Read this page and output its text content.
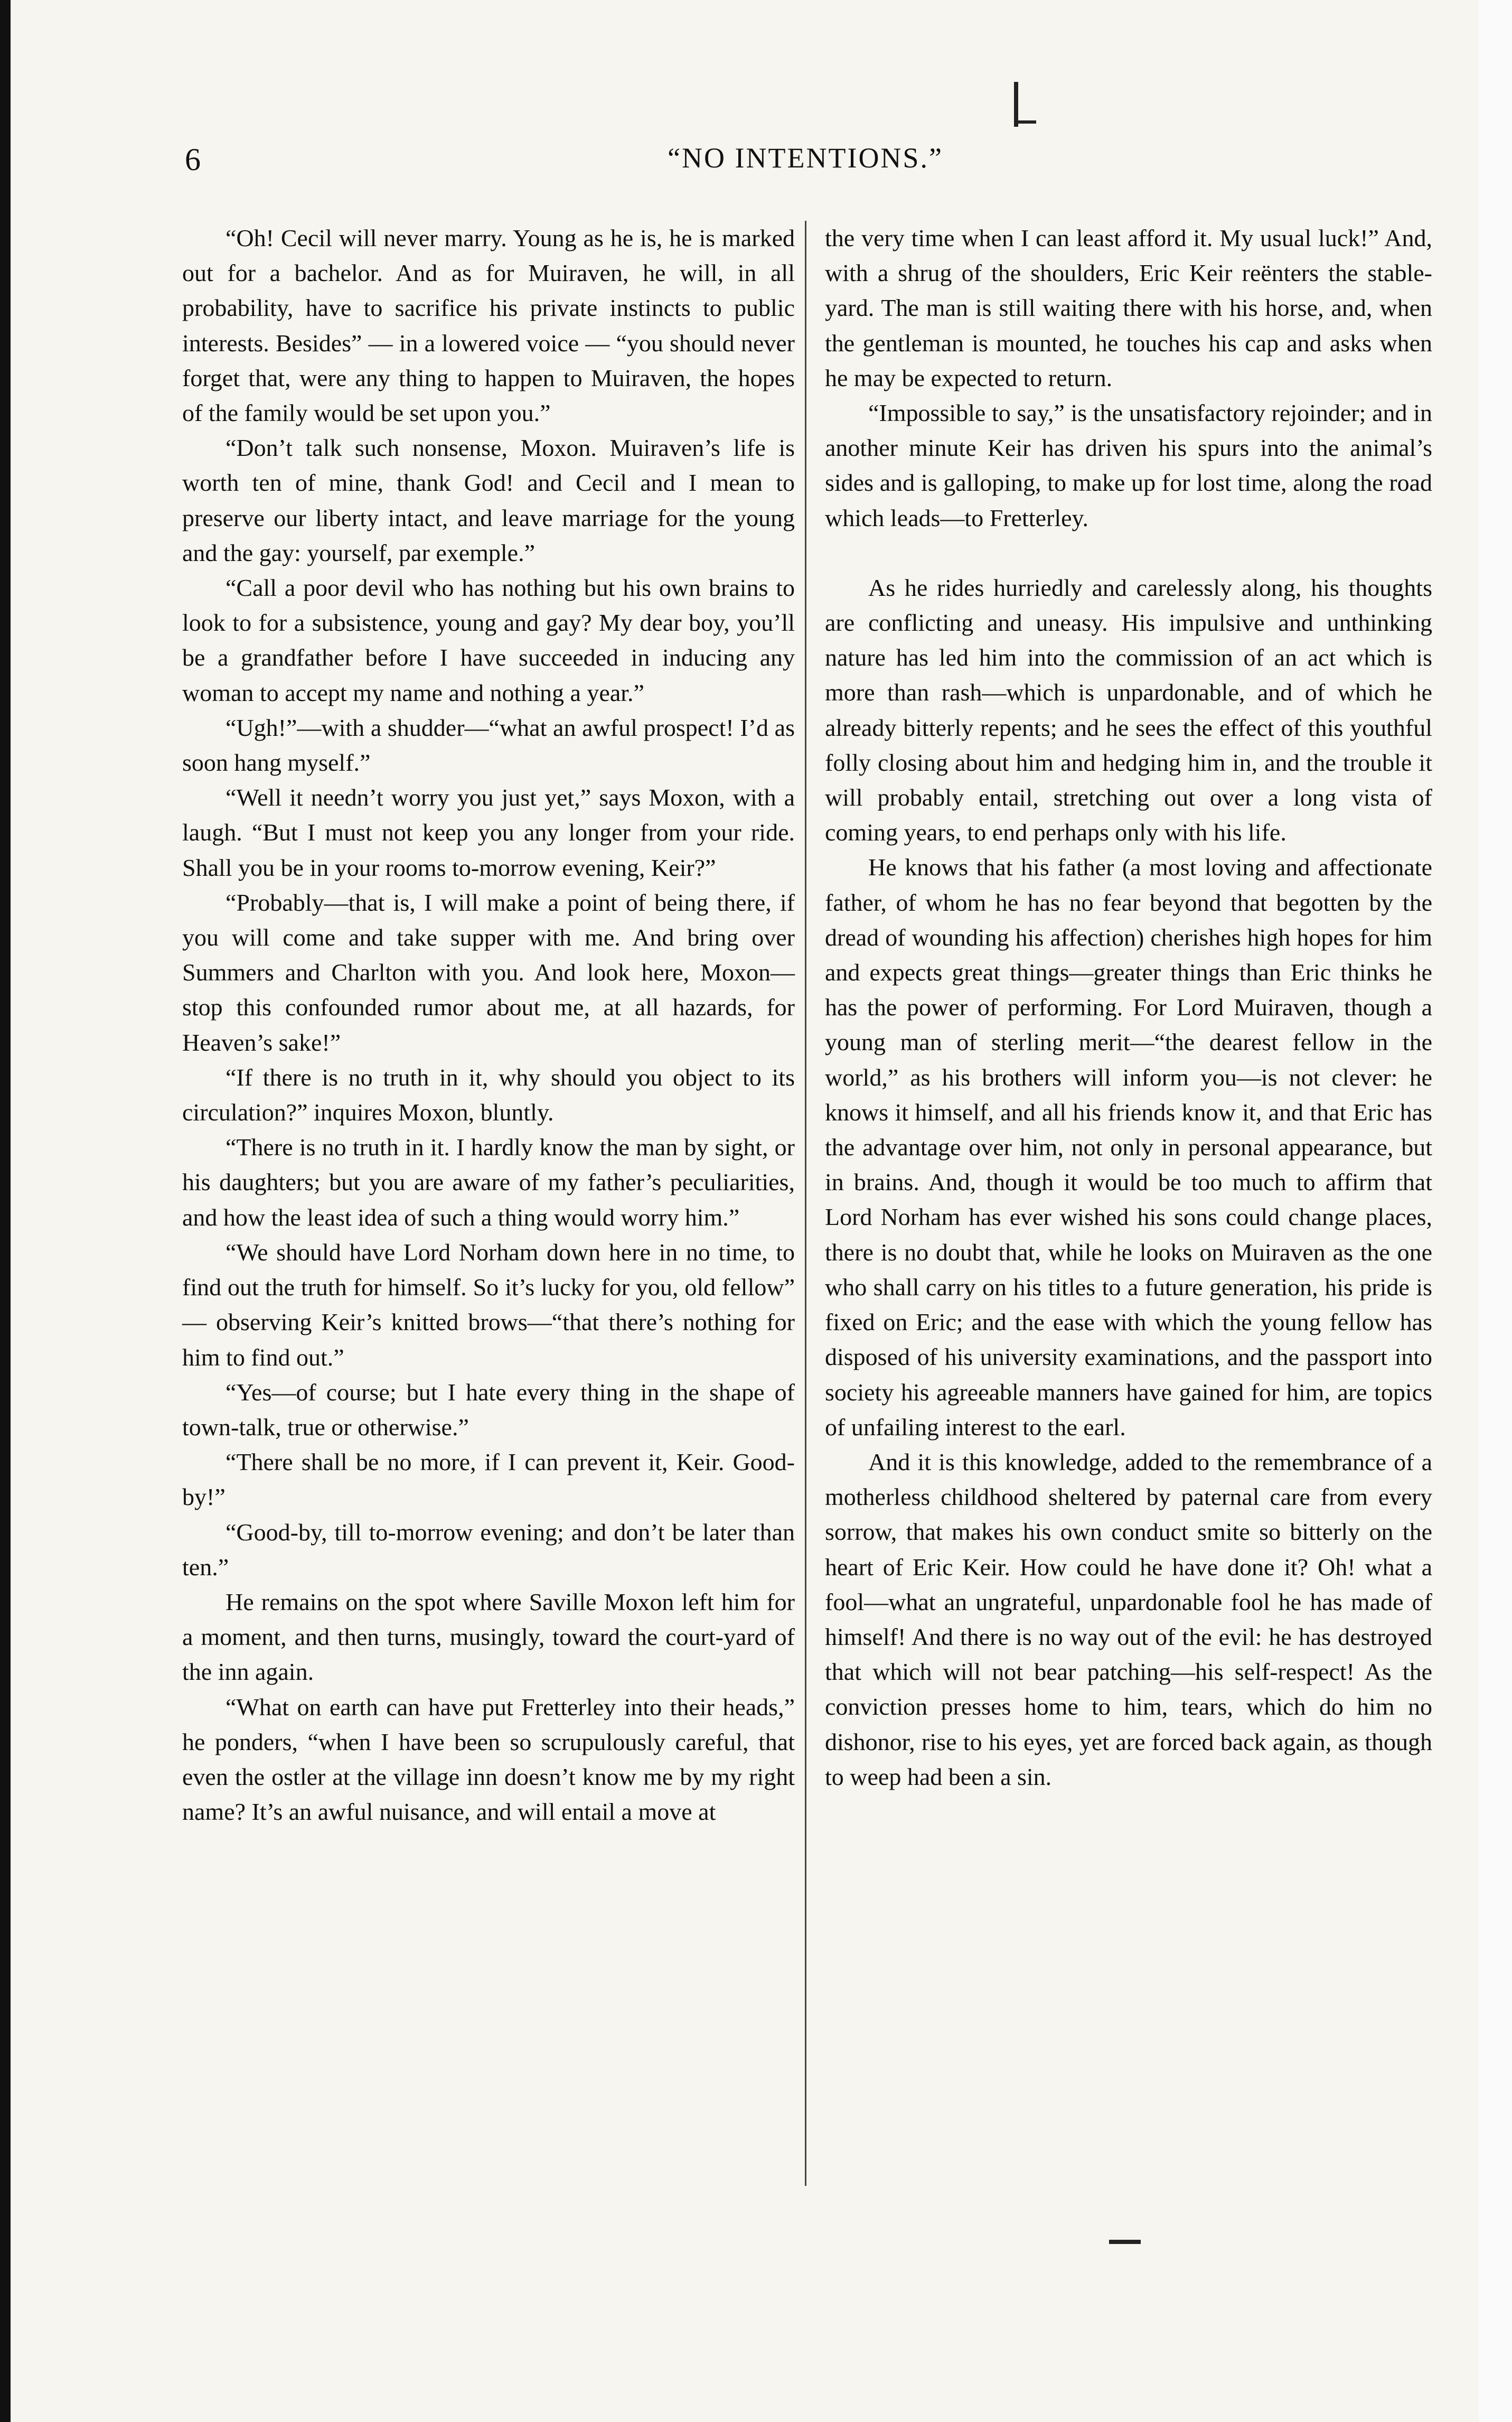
6	“NO INTENTIONS.”

“Oh! Cecil will never marry. Young as he is, he is marked out for a bachelor. And as for Muiraven, he will, in all probability, have to sacrifice his private instincts to public interests. Besides” — in a lowered voice — “you should never forget that, were any thing to happen to Muiraven, the hopes of the family would be set upon you.”

“Don’t talk such nonsense, Moxon. Muiraven’s life is worth ten of mine, thank God! and Cecil and I mean to preserve our liberty intact, and leave marriage for the young and the gay: yourself, par exemple.”

“Call a poor devil who has nothing but his own brains to look to for a subsistence, young and gay? My dear boy, you’ll be a grandfather before I have succeeded in inducing any woman to accept my name and nothing a year.”

“Ugh!”—with a shudder—“what an awful prospect! I’d as soon hang myself.”

“Well it needn’t worry you just yet,” says Moxon, with a laugh. “But I must not keep you any longer from your ride. Shall you be in your rooms to-morrow evening, Keir?”

“Probably—that is, I will make a point of being there, if you will come and take supper with me. And bring over Summers and Charlton with you. And look here, Moxon—stop this confounded rumor about me, at all hazards, for Heaven’s sake!”

“If there is no truth in it, why should you object to its circulation?” inquires Moxon, bluntly.

“There is no truth in it. I hardly know the man by sight, or his daughters; but you are aware of my father’s peculiarities, and how the least idea of such a thing would worry him.”

“We should have Lord Norham down here in no time, to find out the truth for himself. So it’s lucky for you, old fellow” — observing Keir’s knitted brows—“that there’s nothing for him to find out.”

“Yes—of course; but I hate every thing in the shape of town-talk, true or otherwise.”

“There shall be no more, if I can prevent it, Keir. Good-by!”

“Good-by, till to-morrow evening; and don’t be later than ten.”

He remains on the spot where Saville Moxon left him for a moment, and then turns, musingly, toward the court-yard of the inn again.

“What on earth can have put Fretterley into their heads,” he ponders, “when I have been so scrupulously careful, that even the ostler at the village inn doesn’t know me by my right name? It’s an awful nuisance, and will entail a move at

the very time when I can least afford it. My usual luck!” And, with a shrug of the shoulders, Eric Keir reënters the stable-yard. The man is still waiting there with his horse, and, when the gentleman is mounted, he touches his cap and asks when he may be expected to return.

“Impossible to say,” is the unsatisfactory rejoinder; and in another minute Keir has driven his spurs into the animal’s sides and is galloping, to make up for lost time, along the road which leads—to Fretterley.

As he rides hurriedly and carelessly along, his thoughts are conflicting and uneasy. His impulsive and unthinking nature has led him into the commission of an act which is more than rash—which is unpardonable, and of which he already bitterly repents; and he sees the effect of this youthful folly closing about him and hedging him in, and the trouble it will probably entail, stretching out over a long vista of coming years, to end perhaps only with his life.

He knows that his father (a most loving and affectionate father, of whom he has no fear beyond that begotten by the dread of wounding his affection) cherishes high hopes for him and expects great things—greater things than Eric thinks he has the power of performing. For Lord Muiraven, though a young man of sterling merit—“the dearest fellow in the world,” as his brothers will inform you—is not clever: he knows it himself, and all his friends know it, and that Eric has the advantage over him, not only in personal appearance, but in brains. And, though it would be too much to affirm that Lord Norham has ever wished his sons could change places, there is no doubt that, while he looks on Muiraven as the one who shall carry on his titles to a future generation, his pride is fixed on Eric; and the ease with which the young fellow has disposed of his university examinations, and the passport into society his agreeable manners have gained for him, are topics of unfailing interest to the earl.

And it is this knowledge, added to the remembrance of a motherless childhood sheltered by paternal care from every sorrow, that makes his own conduct smite so bitterly on the heart of Eric Keir. How could he have done it? Oh! what a fool—what an ungrateful, unpardonable fool he has made of himself! And there is no way out of the evil: he has destroyed that which will not bear patching—his self-respect! As the conviction presses home to him, tears, which do him no dishonor, rise to his eyes, yet are forced back again, as though to weep had been a sin.
